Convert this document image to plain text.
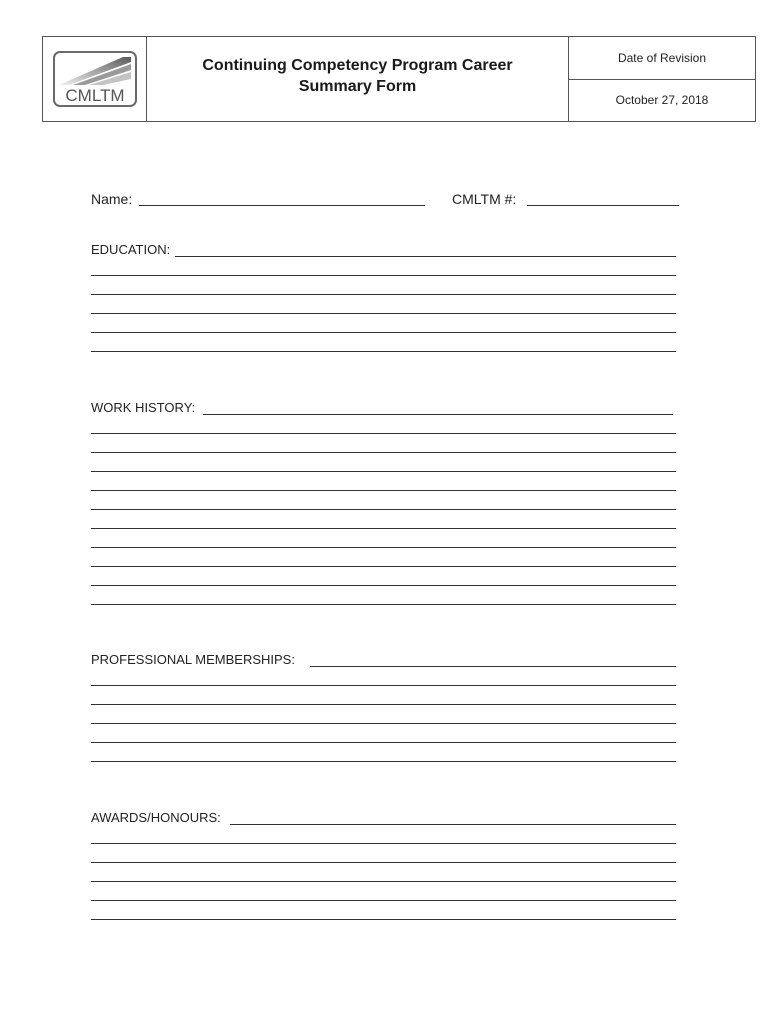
CMLTM
Continuing Competency Program Career Summary Form
Date of Revision
October 27, 2018
Name:	CMLTM #:
EDUCATION:
WORK HISTORY:
PROFESSIONAL MEMBERSHIPS:
AWARDS/HONOURS:
